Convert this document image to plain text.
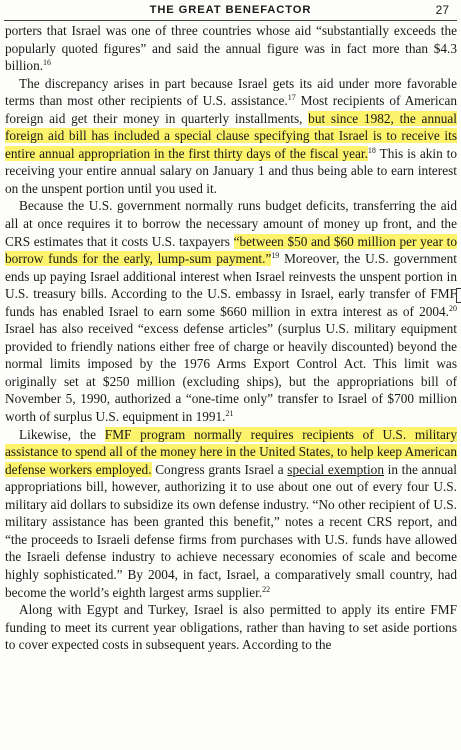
THE GREAT BENEFACTOR	27

porters that Israel was one of three countries whose aid “substantially exceeds the popularly quoted figures” and said the annual figure was in fact more than $4.3 billion.$^{16}$

The discrepancy arises in part because Israel gets its aid under more favorable terms than most other recipients of U.S. assistance.$^{17}$ Most recipients of American foreign aid get their money in quarterly installments, but since 1982, the annual foreign aid bill has included a special clause specifying that Israel is to receive its entire annual appropriation in the first thirty days of the fiscal year.$^{18}$ This is akin to receiving your entire annual salary on January 1 and thus being able to earn interest on the unspent portion until you used it.

Because the U.S. government normally runs budget deficits, transferring the aid all at once requires it to borrow the necessary amount of money up front, and the CRS estimates that it costs U.S. taxpayers “between $50 and $60 million per year to borrow funds for the early, lump-sum payment.”$^{19}$ Moreover, the U.S. government ends up paying Israel additional interest when Israel reinvests the unspent portion in U.S. treasury bills. According to the U.S. embassy in Israel, early transfer of FMF funds has enabled Israel to earn some $660 million in extra interest as of 2004.20 Israel has also received “excess defense articles” (surplus U.S. military equipment provided to friendly nations either free of charge or heavily discounted) beyond the normal limits imposed by the 1976 Arms Export Control Act. This limit was originally set at $250 million (excluding ships), but the appropriations bill of November 5, 1990, authorized a “one-time only” transfer to Israel of $700 million worth of surplus U.S. equipment in 1991.21

Likewise, the FMF program normally requires recipients of U.S. military assistance to spend all of the money here in the United States, to help keep American defense workers employed. Congress grants Israel a special exemption in the annual appropriations bill, however, authorizing it to use about one out of every four U.S. military aid dollars to subsidize its own defense industry. “No other recipient of U.S. military assistance has been granted this benefit,” notes a recent CRS report, and “the proceeds to Israeli defense firms from purchases with U.S. funds have allowed the Israeli defense industry to achieve necessary economies of scale and become highly sophisticated.” By 2004, in fact, Israel, a comparatively small country, had become the world’s eighth largest arms supplier.$^{22}$

Along with Egypt and Turkey, Israel is also permitted to apply its entire FMF funding to meet its current year obligations, rather than having to set aside portions to cover expected costs in subsequent years. According to the
